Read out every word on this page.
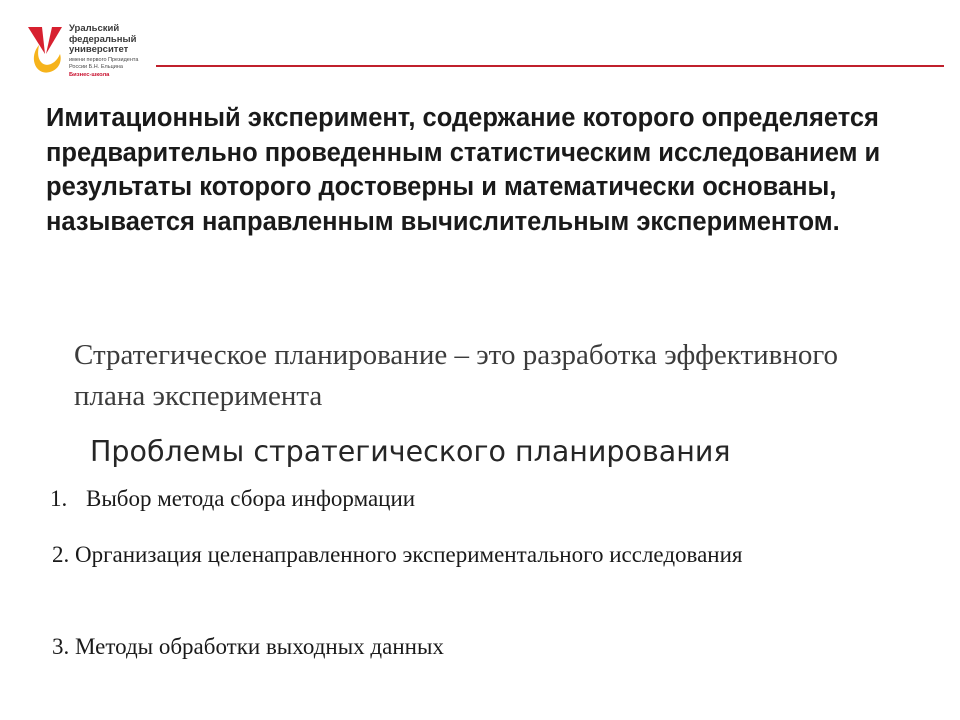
Уральский
федеральный
университет
имени первого Президента
России Б.Н. Ельцина
Бизнес-школа

Имитационный эксперимент, содержание которого определяется предварительно проведенным статистическим исследованием и результаты которого достоверны и математически основаны, называется направленным вычислительным экспериментом.

Стратегическое планирование – это разработка эффективного плана эксперимента

Проблемы стратегического планирования

1. Выбор метода сбора информации

2. Организация целенаправленного экспериментального исследования

3. Методы обработки выходных данных
